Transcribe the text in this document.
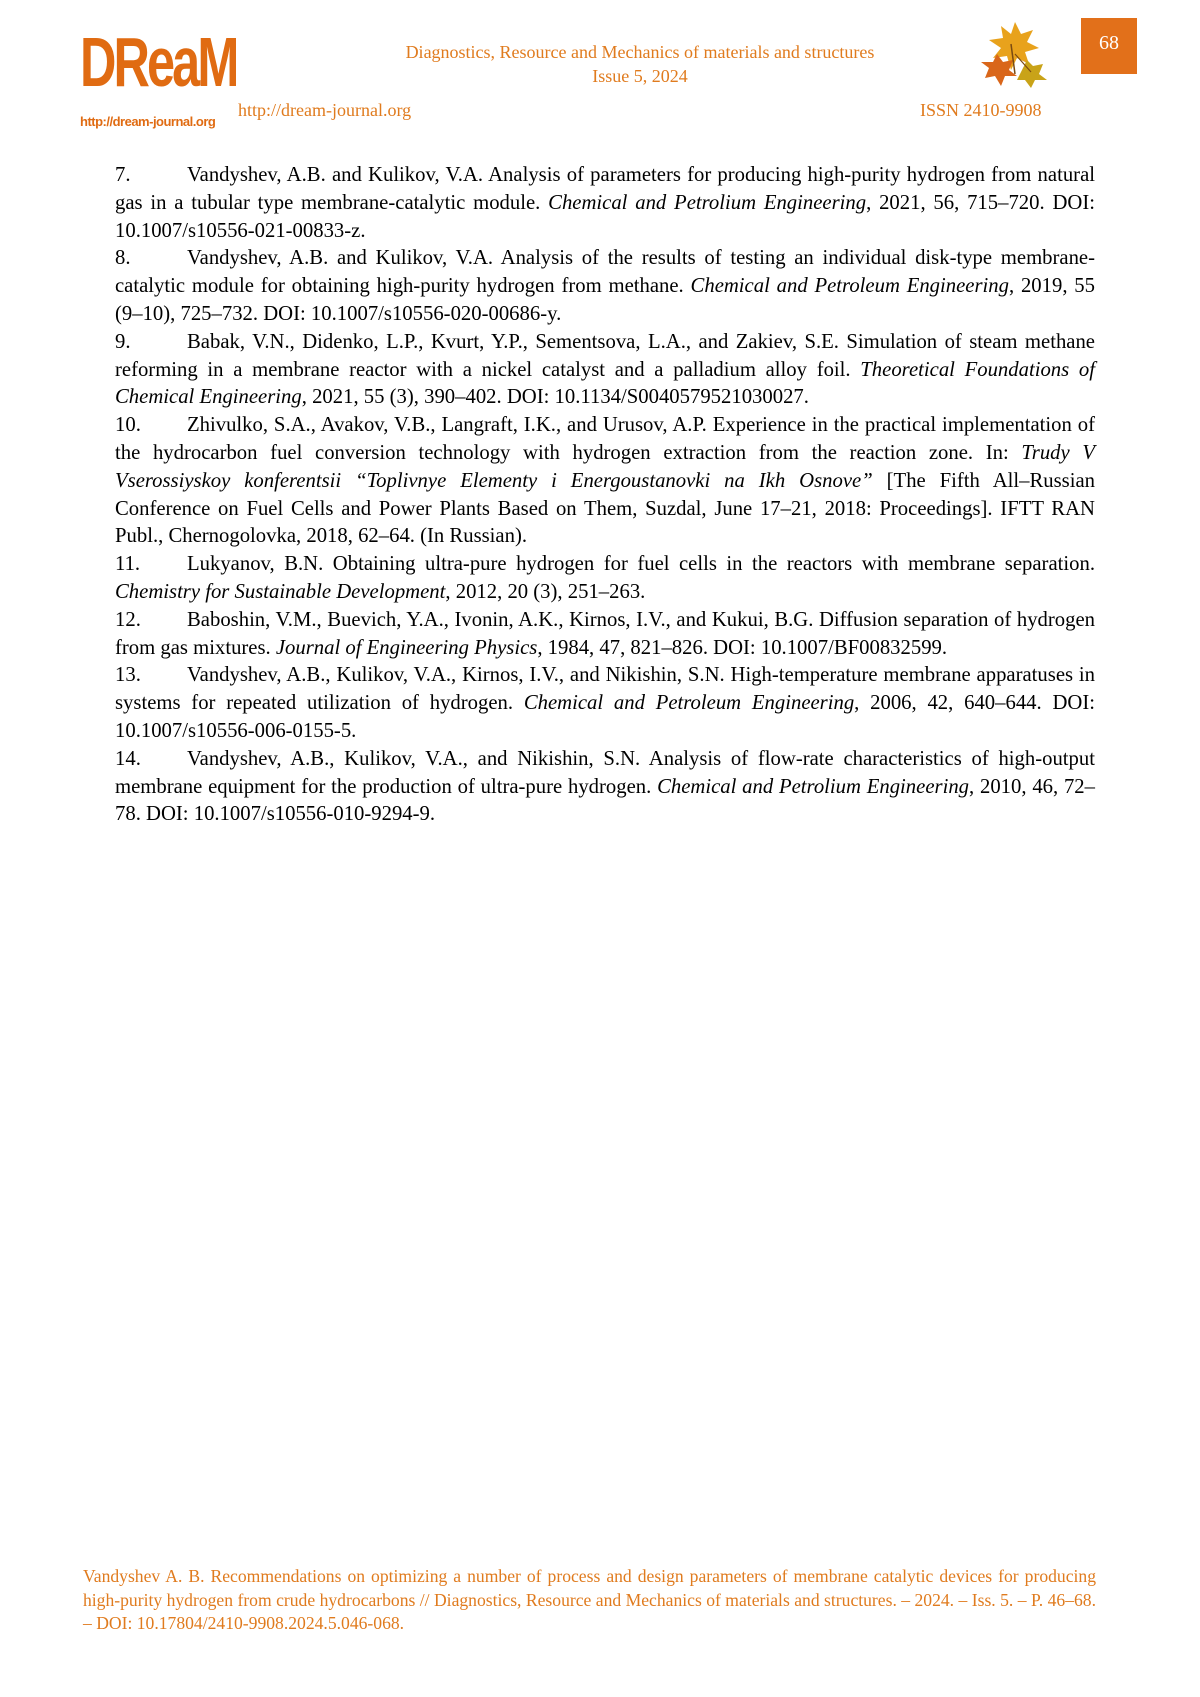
DReaM
http://dream-journal.org
Diagnostics, Resource and Mechanics of materials and structures
Issue 5, 2024
http://dream-journal.org	ISSN 2410-9908
68

7.	Vandyshev, A.B. and Kulikov, V.A. Analysis of parameters for producing high-purity hydrogen from natural gas in a tubular type membrane-catalytic module. Chemical and Petrolium Engineering, 2021, 56, 715–720. DOI: 10.1007/s10556-021-00833-z.

8.	Vandyshev, A.B. and Kulikov, V.A. Analysis of the results of testing an individual disk-type membrane-catalytic module for obtaining high-purity hydrogen from methane. Chemical and Petroleum Engineering, 2019, 55 (9–10), 725–732. DOI: 10.1007/s10556-020-00686-y.

9.	Babak, V.N., Didenko, L.P., Kvurt, Y.P., Sementsova, L.A., and Zakiev, S.E. Simulation of steam methane reforming in a membrane reactor with a nickel catalyst and a palladium alloy foil. Theoretical Foundations of Chemical Engineering, 2021, 55 (3), 390–402. DOI: 10.1134/S0040579521030027.

10. Zhivulko, S.A., Avakov, V.B., Langraft, I.K., and Urusov, A.P. Experience in the practical implementation of the hydrocarbon fuel conversion technology with hydrogen extraction from the reaction zone. In: Trudy V Vserossiyskoy konferentsii “Toplivnye Elementy i Energoustanovki na Ikh Osnove” [The Fifth All–Russian Conference on Fuel Cells and Power Plants Based on Them, Suzdal, June 17–21, 2018: Proceedings]. IFTT RAN Publ., Chernogolovka, 2018, 62–64. (In Russian).

11. Lukyanov, B.N. Obtaining ultra-pure hydrogen for fuel cells in the reactors with membrane separation. Chemistry for Sustainable Development, 2012, 20 (3), 251–263.

12. Baboshin, V.M., Buevich, Y.A., Ivonin, A.K., Kirnos, I.V., and Kukui, B.G. Diffusion separation of hydrogen from gas mixtures. Journal of Engineering Physics, 1984, 47, 821–826. DOI: 10.1007/BF00832599.

13. Vandyshev, A.B., Kulikov, V.A., Kirnos, I.V., and Nikishin, S.N. High-temperature membrane apparatuses in systems for repeated utilization of hydrogen. Chemical and Petroleum Engineering, 2006, 42, 640–644. DOI: 10.1007/s10556-006-0155-5.

14. Vandyshev, A.B., Kulikov, V.A., and Nikishin, S.N. Analysis of flow-rate characteristics of high-output membrane equipment for the production of ultra-pure hydrogen. Chemical and Petrolium Engineering, 2010, 46, 72–78. DOI: 10.1007/s10556-010-9294-9.

Vandyshev A. B. Recommendations on optimizing a number of process and design parameters of membrane catalytic devices for producing high-purity hydrogen from crude hydrocarbons // Diagnostics, Resource and Mechanics of materials and structures. – 2024. – Iss. 5. – P. 46–68. – DOI: 10.17804/2410-9908.2024.5.046-068.
